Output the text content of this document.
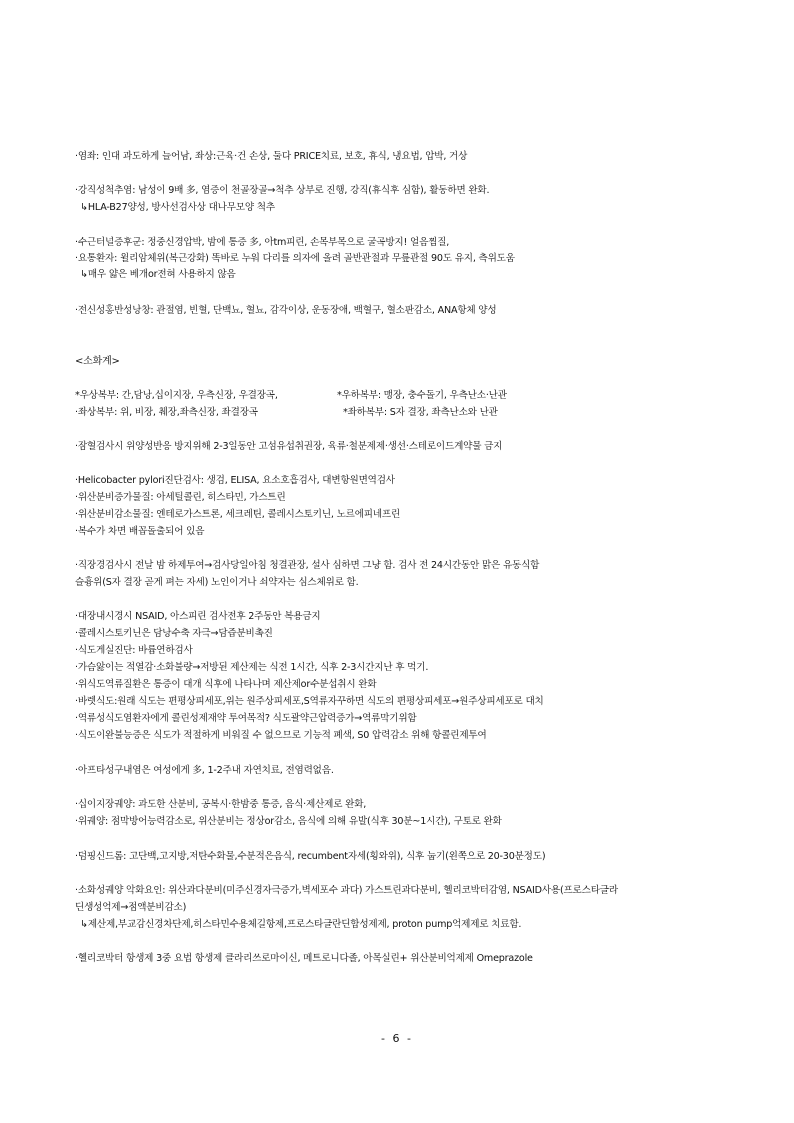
·염좌: 인대 과도하게 늘어남, 좌상:근육·건 손상, 둘다 PRICE치료, 보호, 휴식, 냉요법, 압박, 거상
·강직성척추염: 남성이 9배 多, 염증이 천골장골→척추 상부로 진행, 강직(휴식후 심함), 활동하면 완화.
↳HLA-B27양성, 방사선검사상 대나무모양 척추
·수근터널증후군: 정중신경압박, 밤에 통증 多, 아tm피린, 손목부목으로 굴곡방지! 얼음찜질,
·요통환자: 윌리암체위(복근강화) 똑바로 누워 다리를 의자에 올려 골반관절과 무릎관절 90도 유지, 측위도움
↳매우 얇은 베개or전혀 사용하지 않음
·전신성홍반성낭창: 관절염, 빈혈, 단백뇨, 혈뇨, 감각이상, 운동장애, 백혈구, 혈소판감소, ANA항체 양성
<소화계>
*우상복부: 간,담낭,십이지장, 우측신장, 우결장곡,	*우하복부: 맹장, 충수돌기, 우측난소·난관
·좌상복부: 위, 비장, 췌장,좌측신장, 좌결장곡	*좌하복부: S자 결장, 좌측난소와 난관
·잠혈검사시 위양성반응 방지위해 2-3일동안 고섬유섭취권장, 육류·철분제제·생선·스테로이드계약물 금지
·Helicobacter pylori진단검사: 생검, ELISA, 요소호흡검사, 대변항원면역검사
·위산분비증가물질: 아세틸콜린, 히스타민, 가스트린
·위산분비감소물질: 엔테로가스트론, 세크레틴, 콜레시스토키닌, 노르에피네프린
·복수가 차면 배꼽돌출되어 있음
·직장경검사시 전날 밤 하제투여→검사당일아침 청결관장, 설사 심하면 그냥 함. 검사 전 24시간동안 맑은 유동식함
슬흉위(S자 결장 곧게 펴는 자세) 노인이거나 쇠약자는 심스체위로 함.
·대장내시경시 NSAID, 아스피린 검사전후 2주동안 복용금지
·콜레시스토키닌은 담낭수축 자극→담즙분비촉진
·식도게실진단: 바륨연하검사
·가슴앓이는 적열감·소화불량→저방된 제산제는 식전 1시간, 식후 2-3시간지난 후 먹기.
·위식도역류질환은 통증이 대개 식후에 나타나며 제산제or수분섭취시 완화
·바렛식도:원래 식도는 편평상피세포,위는 원주상피세포,S역류자꾸하면 식도의 편평상피세포→원주상피세포로 대치
·역류성식도염환자에게 콜린성제재약 투여목적? 식도괄약근압력증가→역류막기위함
·식도이완불능증은 식도가 적절하게 비워질 수 없으므로 기능적 폐색, S0 압력감소 위해 항콜린제투여
·아프타성구내염은 여성에게 多, 1-2주내 자연치료, 전염력없음.
·십이지장궤양: 과도한 산분비, 공복시·한밤중 통증, 음식·제산제로 완화,
·위궤양: 점막방어능력감소로, 위산분비는 정상or감소, 음식에 의해 유발(식후 30분~1시간), 구토로 완화
·덤핑신드롬: 고단백,고지방,저탄수화물,수분적은음식, recumbent자세(횡와위), 식후 눕기(왼쪽으로 20-30분정도)
·소화성궤양 악화요인: 위산과다분비(미주신경자극증가,벽세포수 과다) 가스트린과다분비, 헬리코박터감염, NSAID사용(프로스타글라
딘생성억제→점액분비감소)
↳제산제,부교감신경차단제,히스타민수용체길항제,프로스타글란딘합성제제, proton pump억제제로 치료함.
·헬리코박터 항생제 3중 요법 항생제 클라리쓰로마이신, 메트로니다졸, 아목실린+ 위산분비억제제 Omeprazole
- 6 -
